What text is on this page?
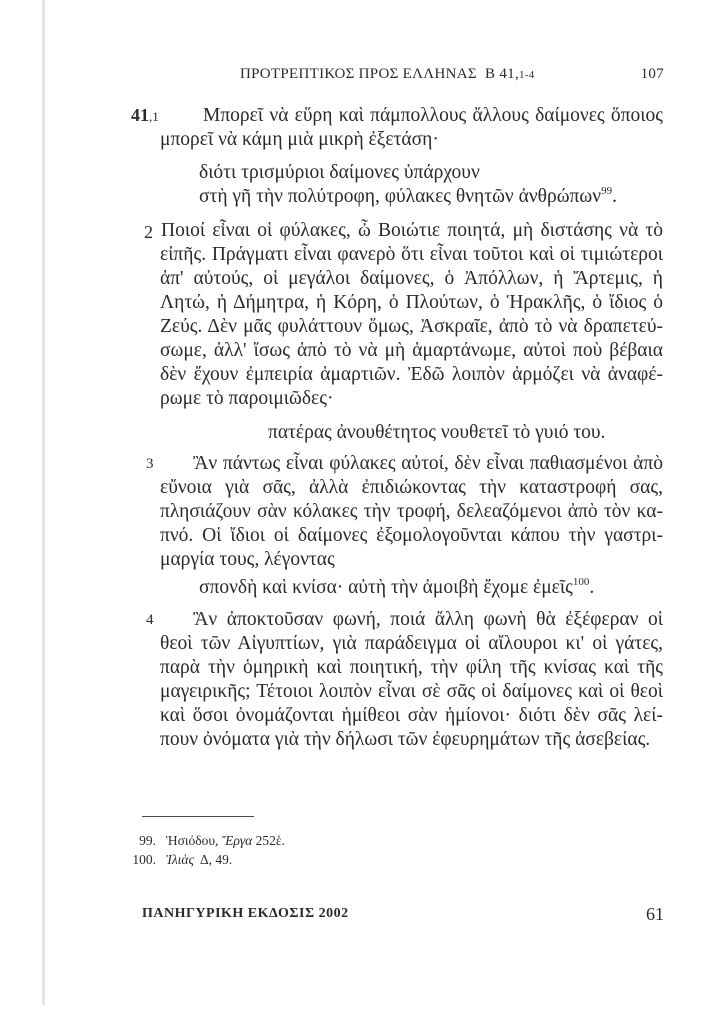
ΠΡΟΤΡΕΠΤΙΚΟΣ ΠΡΟΣ ΕΛΛΗΝΑΣ B 41,1-4	107
41,1 Μπορεῖ νὰ εὕρη καὶ πάμπολλους ἄλλους δαίμονες ὅποιος
μπορεῖ νὰ κάμη μιὰ μικρὴ ἐξετάση·
διότι τρισμύριοι δαίμονες ὑπάρχουν
στὴ γῆ τὴν πολύτροφη, φύλακες θνητῶν ἀνθρώπων$^{99}$.
2 Ποιοί εἶναι οἱ φύλακες, ὦ Βοιώτιε ποιητά, μὴ διστάσης νὰ τὸ
εἰπῆς. Πράγματι εἶναι φανερὸ ὅτι εἶναι τοῦτοι καὶ οἱ τιμιώτεροι
ἀπ' αὐτούς, οἱ μεγάλοι δαίμονες, ὁ Ἀπόλλων, ἡ Ἄρτεμις, ἡ
Λητώ, ἡ Δήμητρα, ἡ Κόρη, ὁ Πλούτων, ὁ Ἡρακλῆς, ὁ ἴδιος ὁ
Ζεύς. Δὲν μᾶς φυλάττουν ὅμως, Ἀσκραῖε, ἀπὸ τὸ νὰ δραπετεύ-
σωμε, ἀλλ' ἴσως ἀπὸ τὸ νὰ μὴ ἁμαρτάνωμε, αὐτοὶ ποὺ βέβαια
δὲν ἔχουν ἐμπειρία ἁμαρτιῶν. Ἐδῶ λοιπὸν ἁρμόζει νὰ ἀναφέ-
ρωμε τὸ παροιμιῶδες·
πατέρας ἀνουθέτητος νουθετεῖ τὸ γυιό του.
3 Ἂν πάντως εἶναι φύλακες αὐτοί, δὲν εἶναι παθιασμένοι ἀπὸ
εὔνοια γιὰ σᾶς, ἀλλὰ ἐπιδιώκοντας τὴν καταστροφή σας,
πλησιάζουν σὰν κόλακες τὴν τροφή, δελεαζόμενοι ἀπὸ τὸν κα-
πνό. Οἱ ἴδιοι οἱ δαίμονες ἐξομολογοῦνται κάπου τὴν γαστρι-
μαργία τους, λέγοντας
σπονδὴ καὶ κνίσα· αὐτὴ τὴν ἀμοιβὴ ἔχομε ἐμεῖς$^{100}$.
4 Ἂν ἀποκτοῦσαν φωνή, ποιά ἄλλη φωνὴ θὰ ἐξέφεραν οἱ
θεοὶ τῶν Αἰγυπτίων, γιὰ παράδειγμα οἱ αἴλουροι κι' οἱ γάτες,
παρὰ τὴν ὁμηρικὴ καὶ ποιητική, τὴν φίλη τῆς κνίσας καὶ τῆς
μαγειρικῆς; Τέτοιοι λοιπὸν εἶναι σὲ σᾶς οἱ δαίμονες καὶ οἱ θεοὶ
καὶ ὅσοι ὀνομάζονται ἡμίθεοι σὰν ἡμίονοι· διότι δὲν σᾶς λεί-
πουν ὀνόματα γιὰ τὴν δήλωσι τῶν ἐφευρημάτων τῆς ἀσεβείας.
99. Ἡσιόδου, Ἔργα 252ἑ.
100. Ἰλιὰς Δ, 49.
ΠΑΝΗΓΥΡΙΚΗ ΕΚΔΟΣΙΣ 2002	61
